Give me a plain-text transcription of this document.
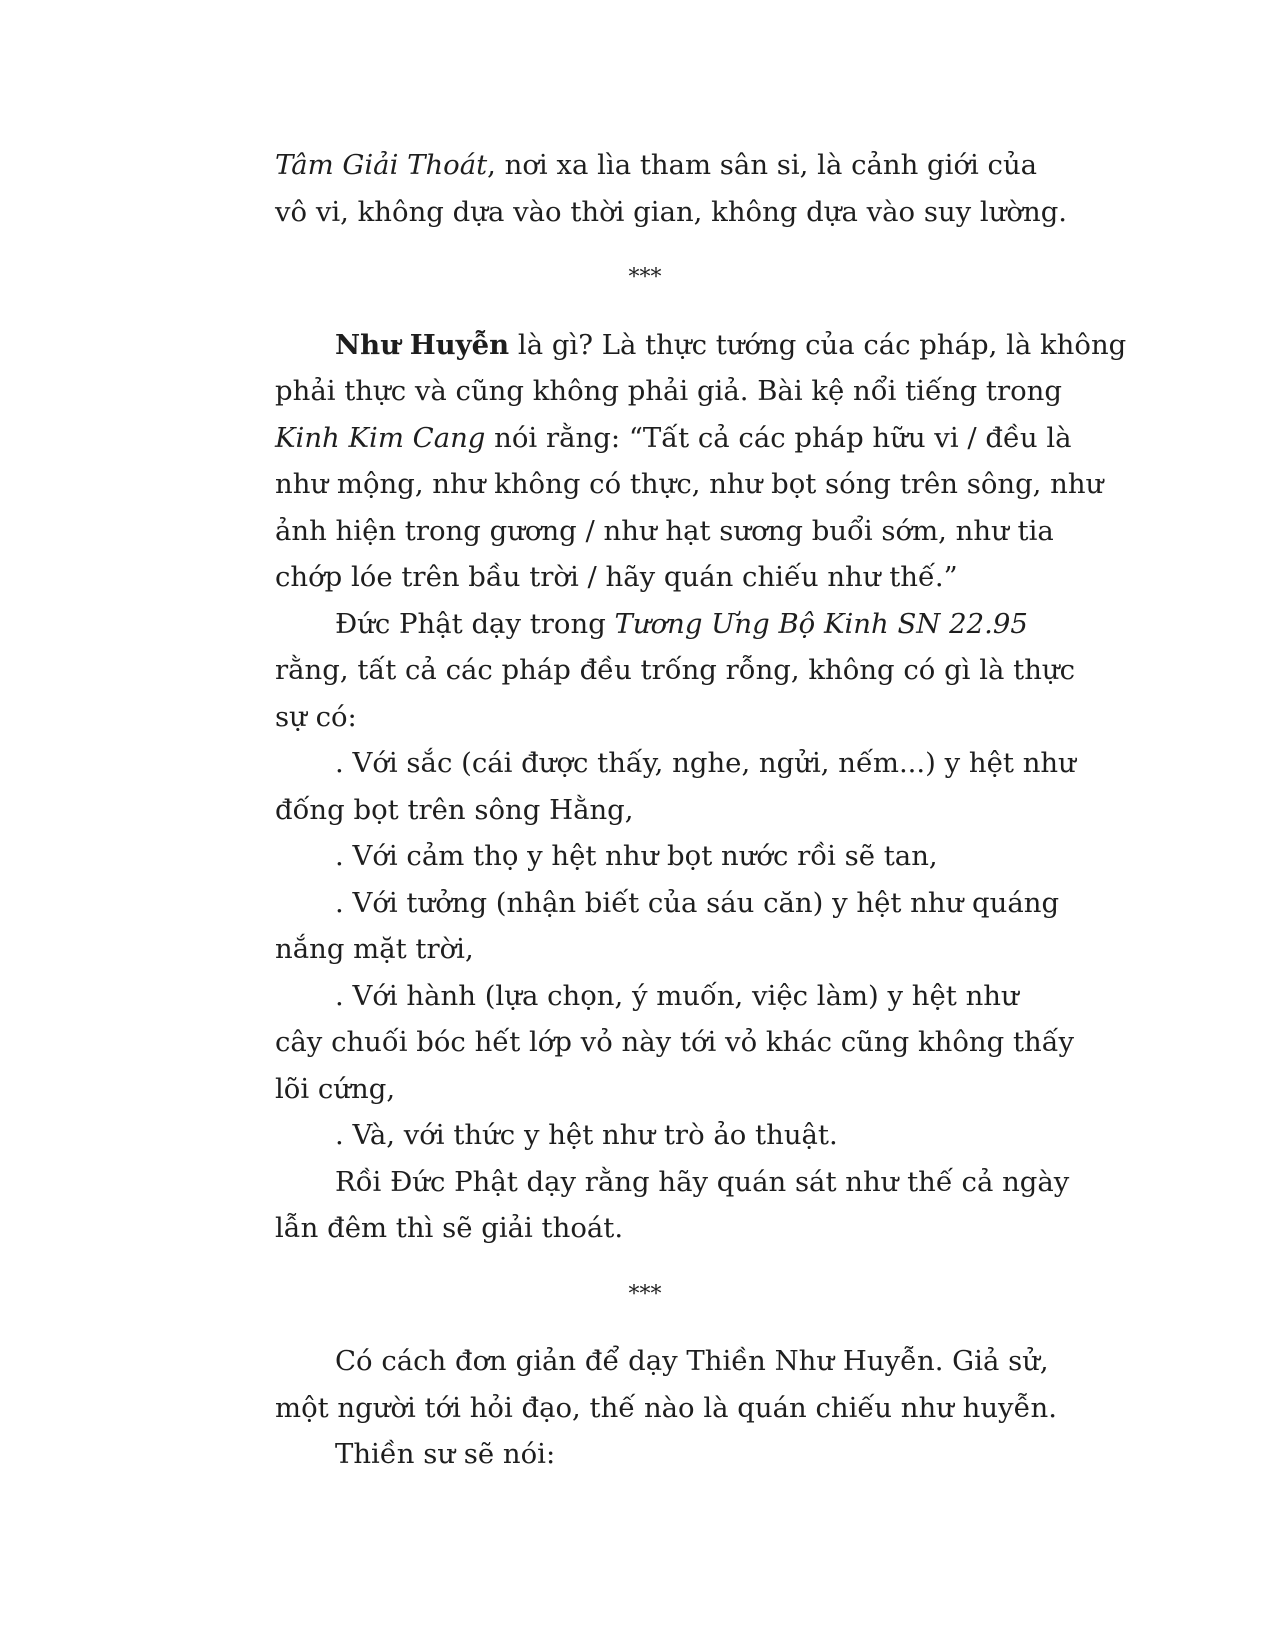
Tâm Giải Thoát, nơi xa lìa tham sân si, là cảnh giới của
vô vi, không dựa vào thời gian, không dựa vào suy lường.
***
Như Huyễn là gì? Là thực tướng của các pháp, là không
phải thực và cũng không phải giả. Bài kệ nổi tiếng trong
Kinh Kim Cang nói rằng: “Tất cả các pháp hữu vi / đều là
như mộng, như không có thực, như bọt sóng trên sông, như
ảnh hiện trong gương / như hạt sương buổi sớm, như tia
chớp lóe trên bầu trời / hãy quán chiếu như thế.”
Đức Phật dạy trong Tương Ưng Bộ Kinh SN 22.95
rằng, tất cả các pháp đều trống rỗng, không có gì là thực
sự có:
. Với sắc (cái được thấy, nghe, ngửi, nếm...) y hệt như
đống bọt trên sông Hằng,
. Với cảm thọ y hệt như bọt nước rồi sẽ tan,
. Với tưởng (nhận biết của sáu căn) y hệt như quáng
nắng mặt trời,
. Với hành (lựa chọn, ý muốn, việc làm) y hệt như
cây chuối bóc hết lớp vỏ này tới vỏ khác cũng không thấy
lõi cứng,
. Và, với thức y hệt như trò ảo thuật.
Rồi Đức Phật dạy rằng hãy quán sát như thế cả ngày
lẫn đêm thì sẽ giải thoát.
***
Có cách đơn giản để dạy Thiền Như Huyễn. Giả sử,
một người tới hỏi đạo, thế nào là quán chiếu như huyễn.
Thiền sư sẽ nói:
